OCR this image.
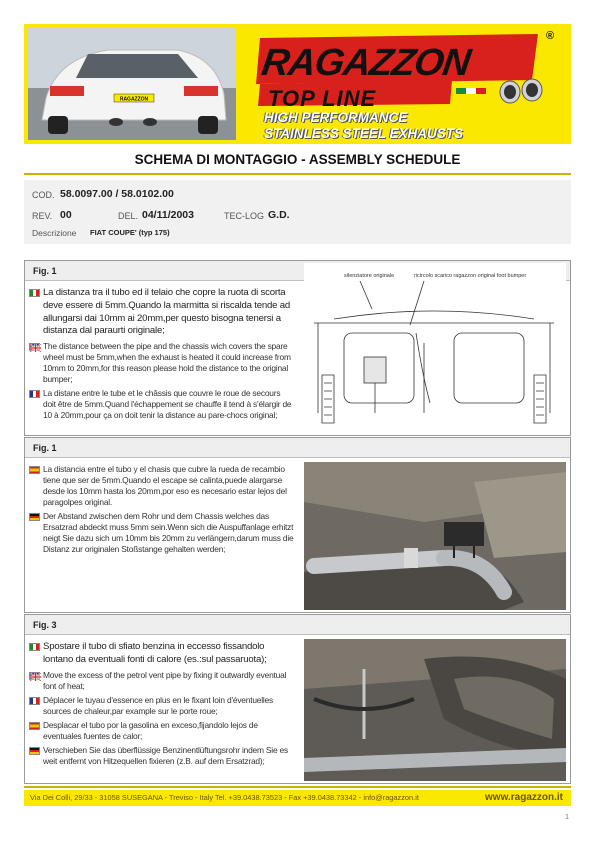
RAGAZZON
RAGAZZON
TOP LINE
®
HIGH PERFORMANCE
STAINLESS STEEL EXHAUSTS
SCHEMA DI MONTAGGIO - ASSEMBLY SCHEDULE
COD. 58.0097.00 / 58.0102.00
REV. 00	DEL. 04/11/2003	TEC-LOG G.D.
Descrizione FIAT COUPE' (typ 175)
Fig. 1
La distanza tra il tubo ed il telaio che copre la ruota di scorta deve essere di 5mm.Quando la marmitta si riscalda tende ad allungarsi dai 10mm ai 20mm,per questo bisogna tenersi a distanza dal paraurti originale;
The distance between the pipe and the chassis wich covers the spare wheel must be 5mm,when the exhaust is heated it could increase from 10mm to 20mm,for this reason please hold the distance to the original bumper;
La distane entre le tube et le châssis que couvre le roue de secours doit être de 5mm.Quand l'échappement se chauffe il tend à s'élargir de 10 à 20mm,pour ça on doit tenir la distance au pare-chocs original;
silenziatore originale	ricircolo scarico ragazzon original foot bumper
Fig. 1
La distancia entre el tubo y el chasis que cubre la rueda de recambio tiene que ser de 5mm.Quando el escape se calinta,puede alargarse desde los 10mm hasta los 20mm,por eso es necesario estar lejos del paragolpes original.
Der Abstand zwischen dem Rohr und dem Chassis welches das Ersatzrad abdeckt muss 5mm sein.Wenn sich die Auspuffanlage erhitzt neigt Sie dazu sich um 10mm bis 20mm zu verlängern,darum muss die Distanz zur originalen Stoßstange gehalten werden;
Fig. 3
Spostare il tubo di sfiato benzina in eccesso fissandolo lontano da eventuali fonti di calore (es.:sul passaruota);
Move the excess of the petrol vent pipe by fixing it outwardly eventual font of heat;
Déplacer le tuyau d'essence en plus en le fixant loin d'éventuelles sources de chaleur,par example sur le porte roue;
Desplacar el tubo por la gasolina en exceso,fijandolo lejos de eventuales fuentes de calor;
Verschieben Sie das überflüssige Benzinentlüftungsrohr indem Sie es weit entfernt von Hitzequellen fixieren (z.B. auf dem Ersatzrad);
Via Dei Colli, 29/33 - 31058 SUSEGANA - Treviso - Italy Tel. +39.0438.73523 - Fax +39.0438.73342 - info@ragazzon.it	www.ragazzon.it
1
